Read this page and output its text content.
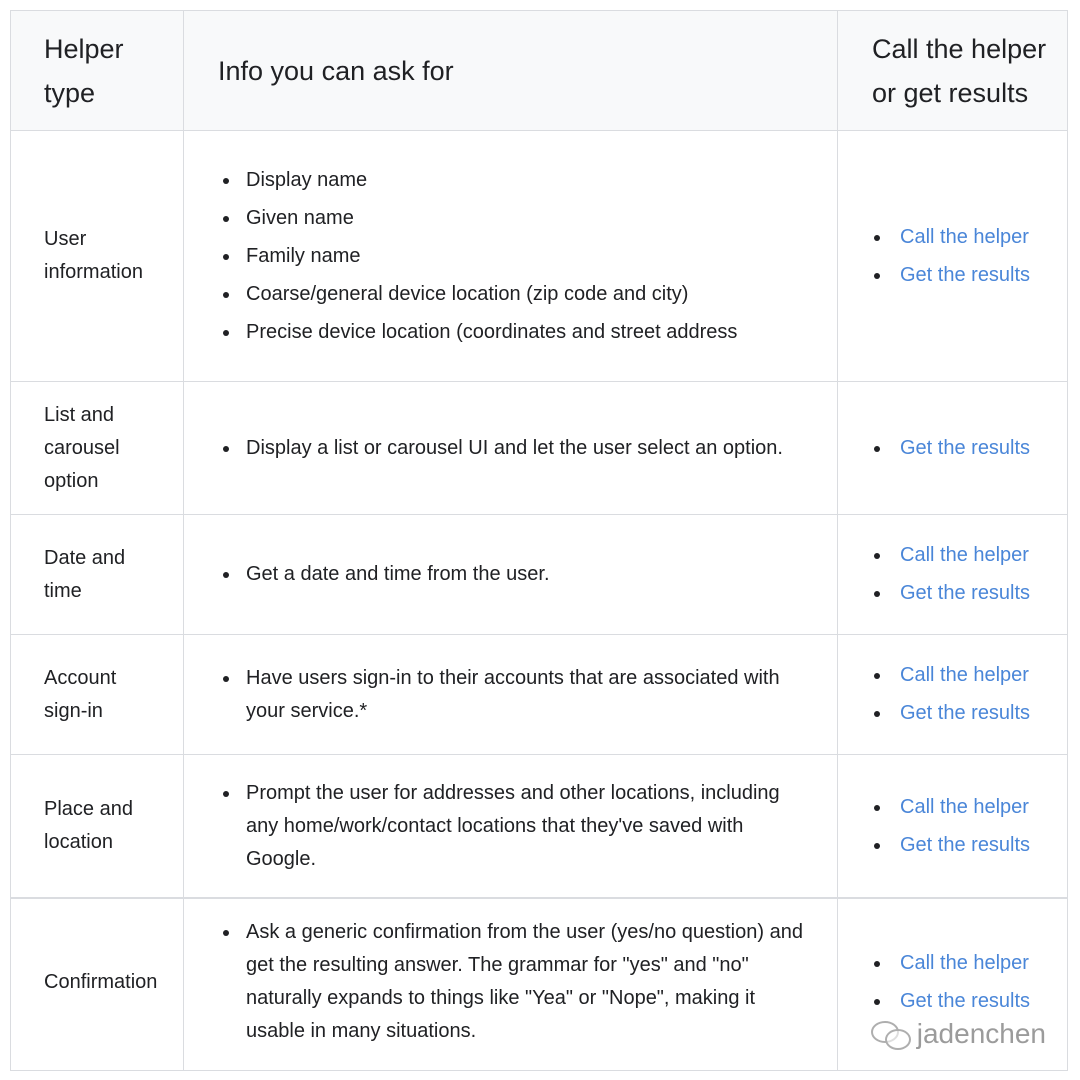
Helper
type
Info you can ask for
Call the helper
or get results
User
information
Display name
Given name
Family name
Coarse/general device location (zip code and city)
Precise device location (coordinates and street address
Call the helper
Get the results
List and
carousel
option
Display a list or carousel UI and let the user select an option.	Get the results
Date and
time
Get a date and time from the user.
Call the helper
Get the results
Account
sign-in
Have users sign-in to their accounts that are associated with your service.*
Call the helper
Get the results
Place and
location
Prompt the user for addresses and other locations, including any home/work/contact locations that they've saved with Google.
Call the helper
Get the results
Confirmation
Ask a generic confirmation from the user (yes/no question) and get the resulting answer. The grammar for "yes" and "no" naturally expands to things like "Yea" or "Nope", making it usable in many situations.
Call the helper
Get the results
jadenchen
